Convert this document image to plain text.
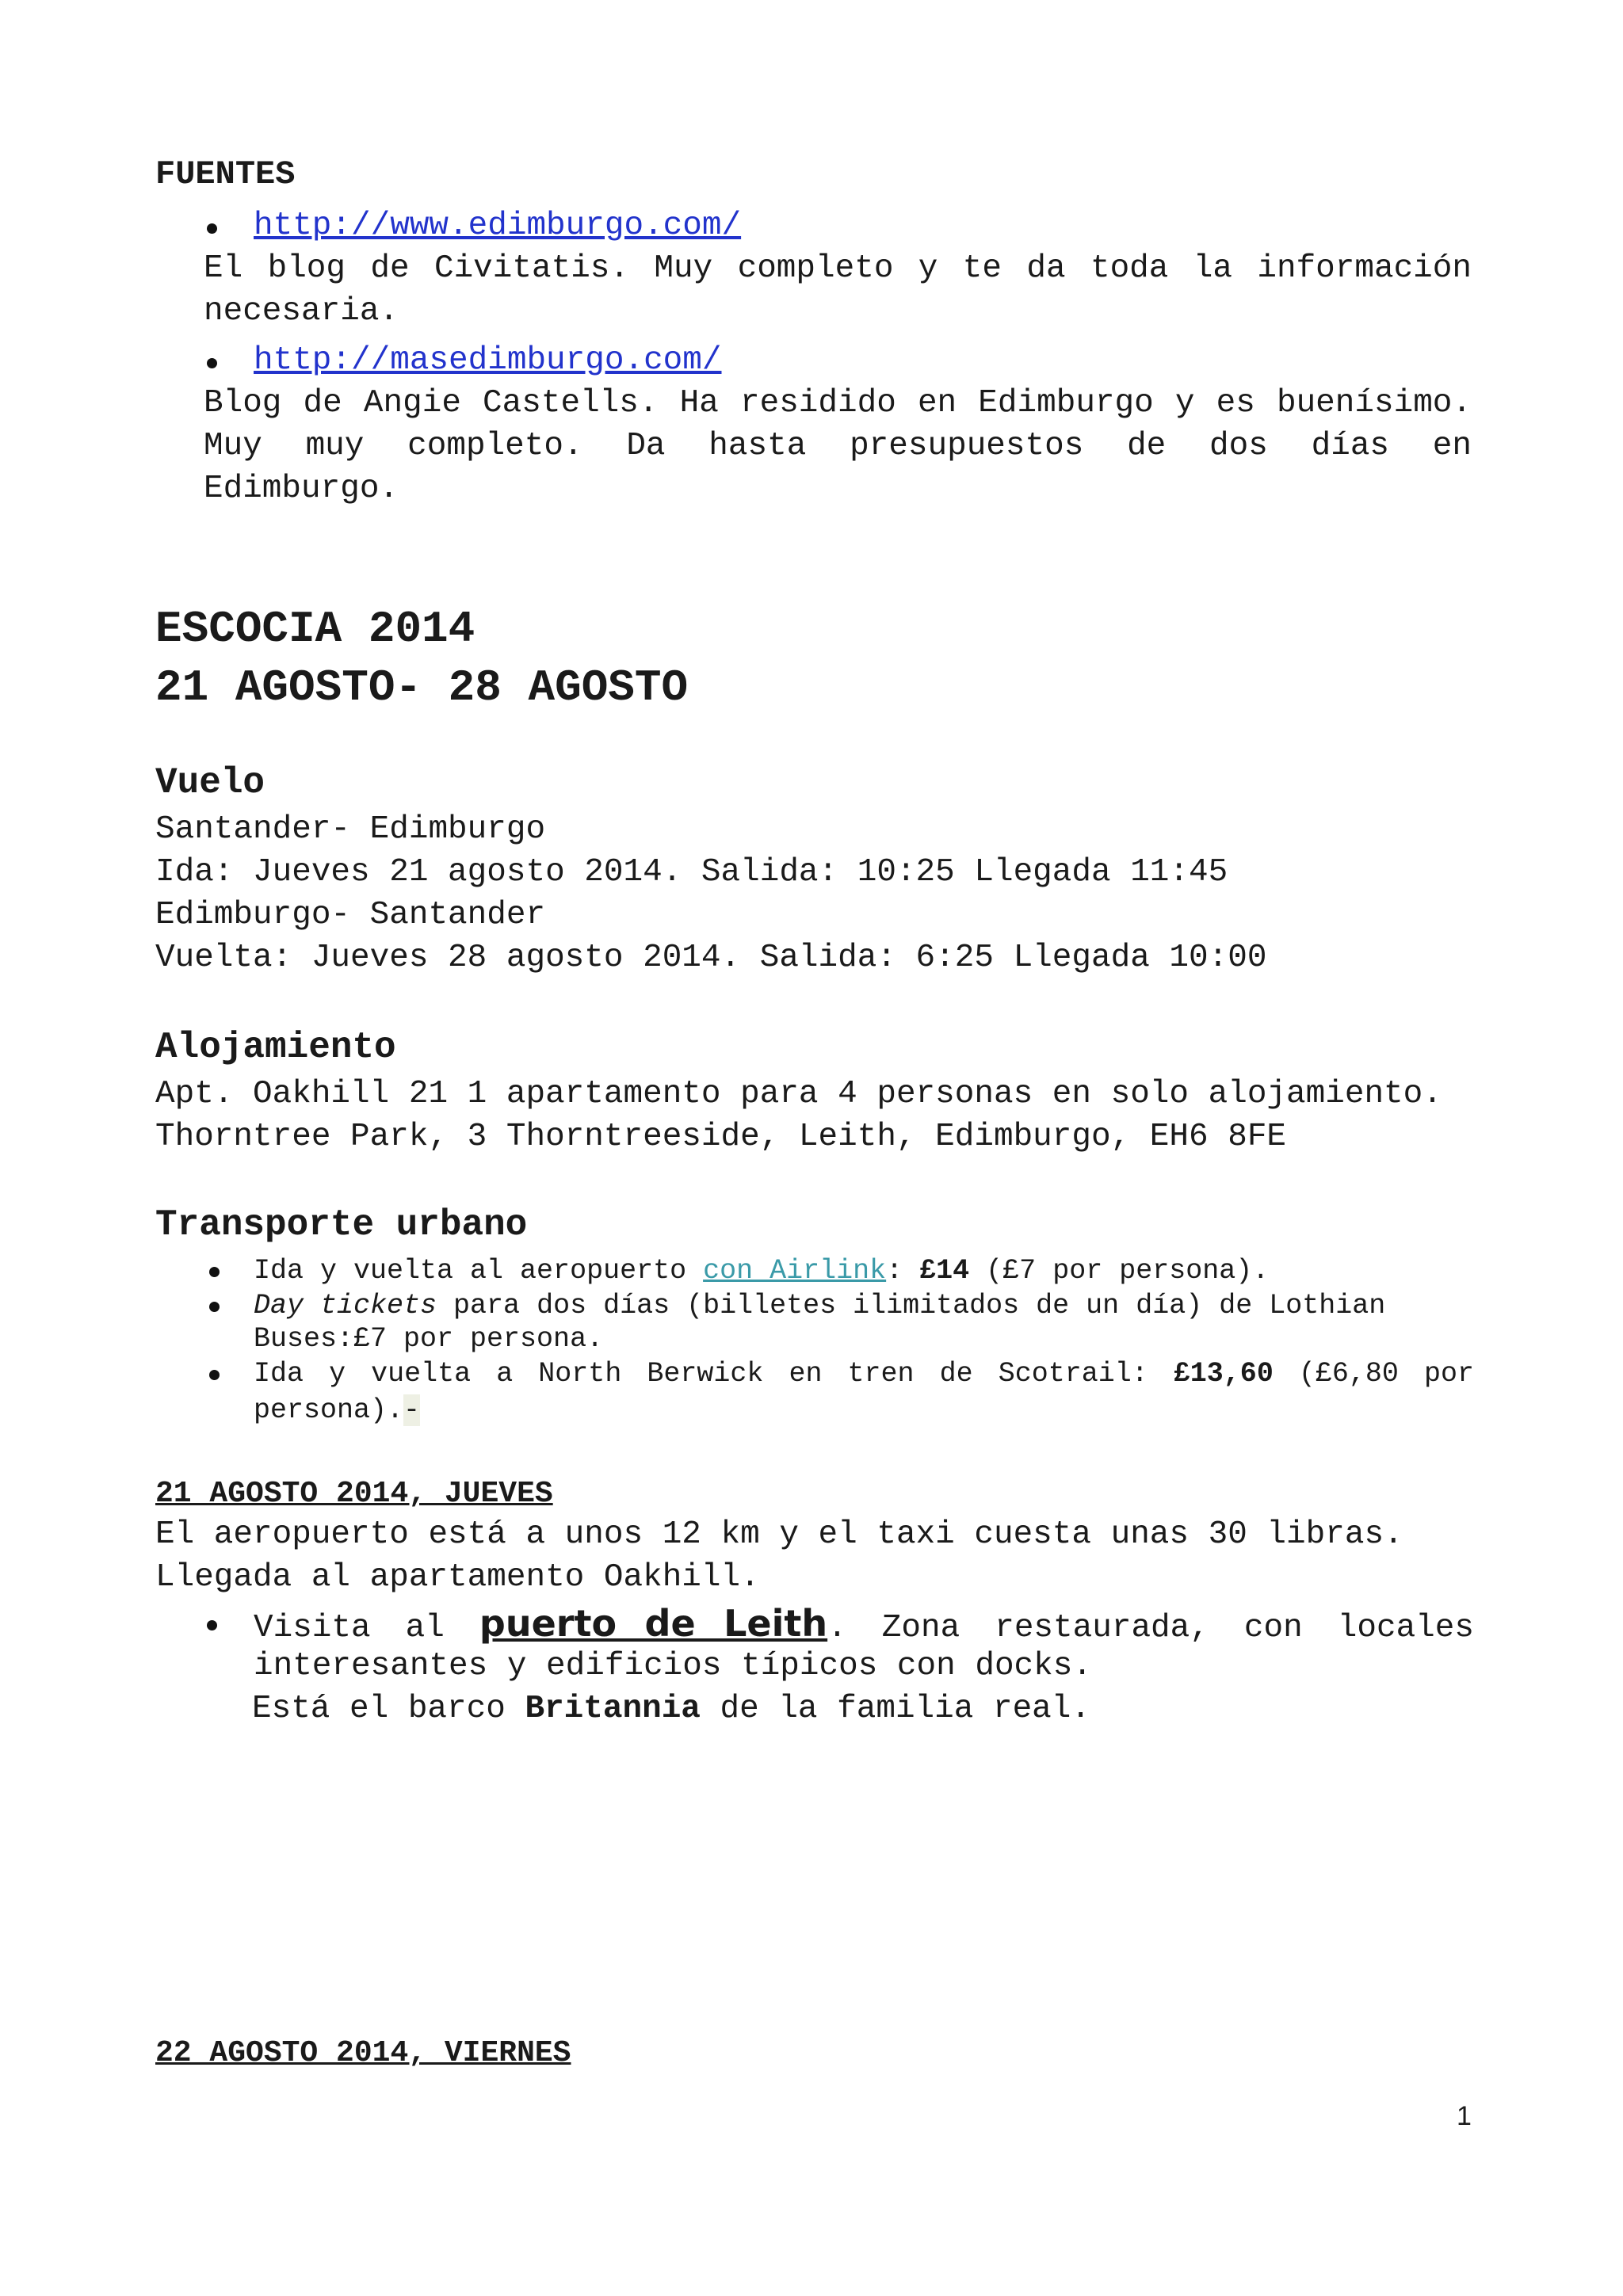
FUENTES
http://www.edimburgo.com/
El blog de Civitatis. Muy completo y te da toda la información
necesaria.
http://masedimburgo.com/
Blog de Angie Castells. Ha residido en Edimburgo y es buenísimo.
Muy muy completo. Da hasta presupuestos de dos días en
Edimburgo.
ESCOCIA 2014
21 AGOSTO- 28 AGOSTO
Vuelo
Santander- Edimburgo
Ida: Jueves 21 agosto 2014. Salida: 10:25 Llegada 11:45
Edimburgo- Santander
Vuelta: Jueves 28 agosto 2014. Salida: 6:25 Llegada 10:00
Alojamiento
Apt. Oakhill 21 1 apartamento para 4 personas en solo alojamiento.
Thorntree Park, 3 Thorntreeside, Leith, Edimburgo, EH6 8FE
Transporte urbano
Ida y vuelta al aeropuerto con Airlink: £14 (£7 por persona).
Day tickets para dos días (billetes ilimitados de un día) de Lothian
Buses:£7 por persona.
Ida y vuelta a North Berwick en tren de Scotrail: £13,60 (£6,80 por
persona).-
21 AGOSTO 2014, JUEVES
El aeropuerto está a unos 12 km y el taxi cuesta unas 30 libras.
Llegada al apartamento Oakhill.
Visita al puerto de Leith. Zona restaurada, con locales
interesantes y edificios típicos con docks.
Está el barco Britannia de la familia real.
22 AGOSTO 2014, VIERNES
1
